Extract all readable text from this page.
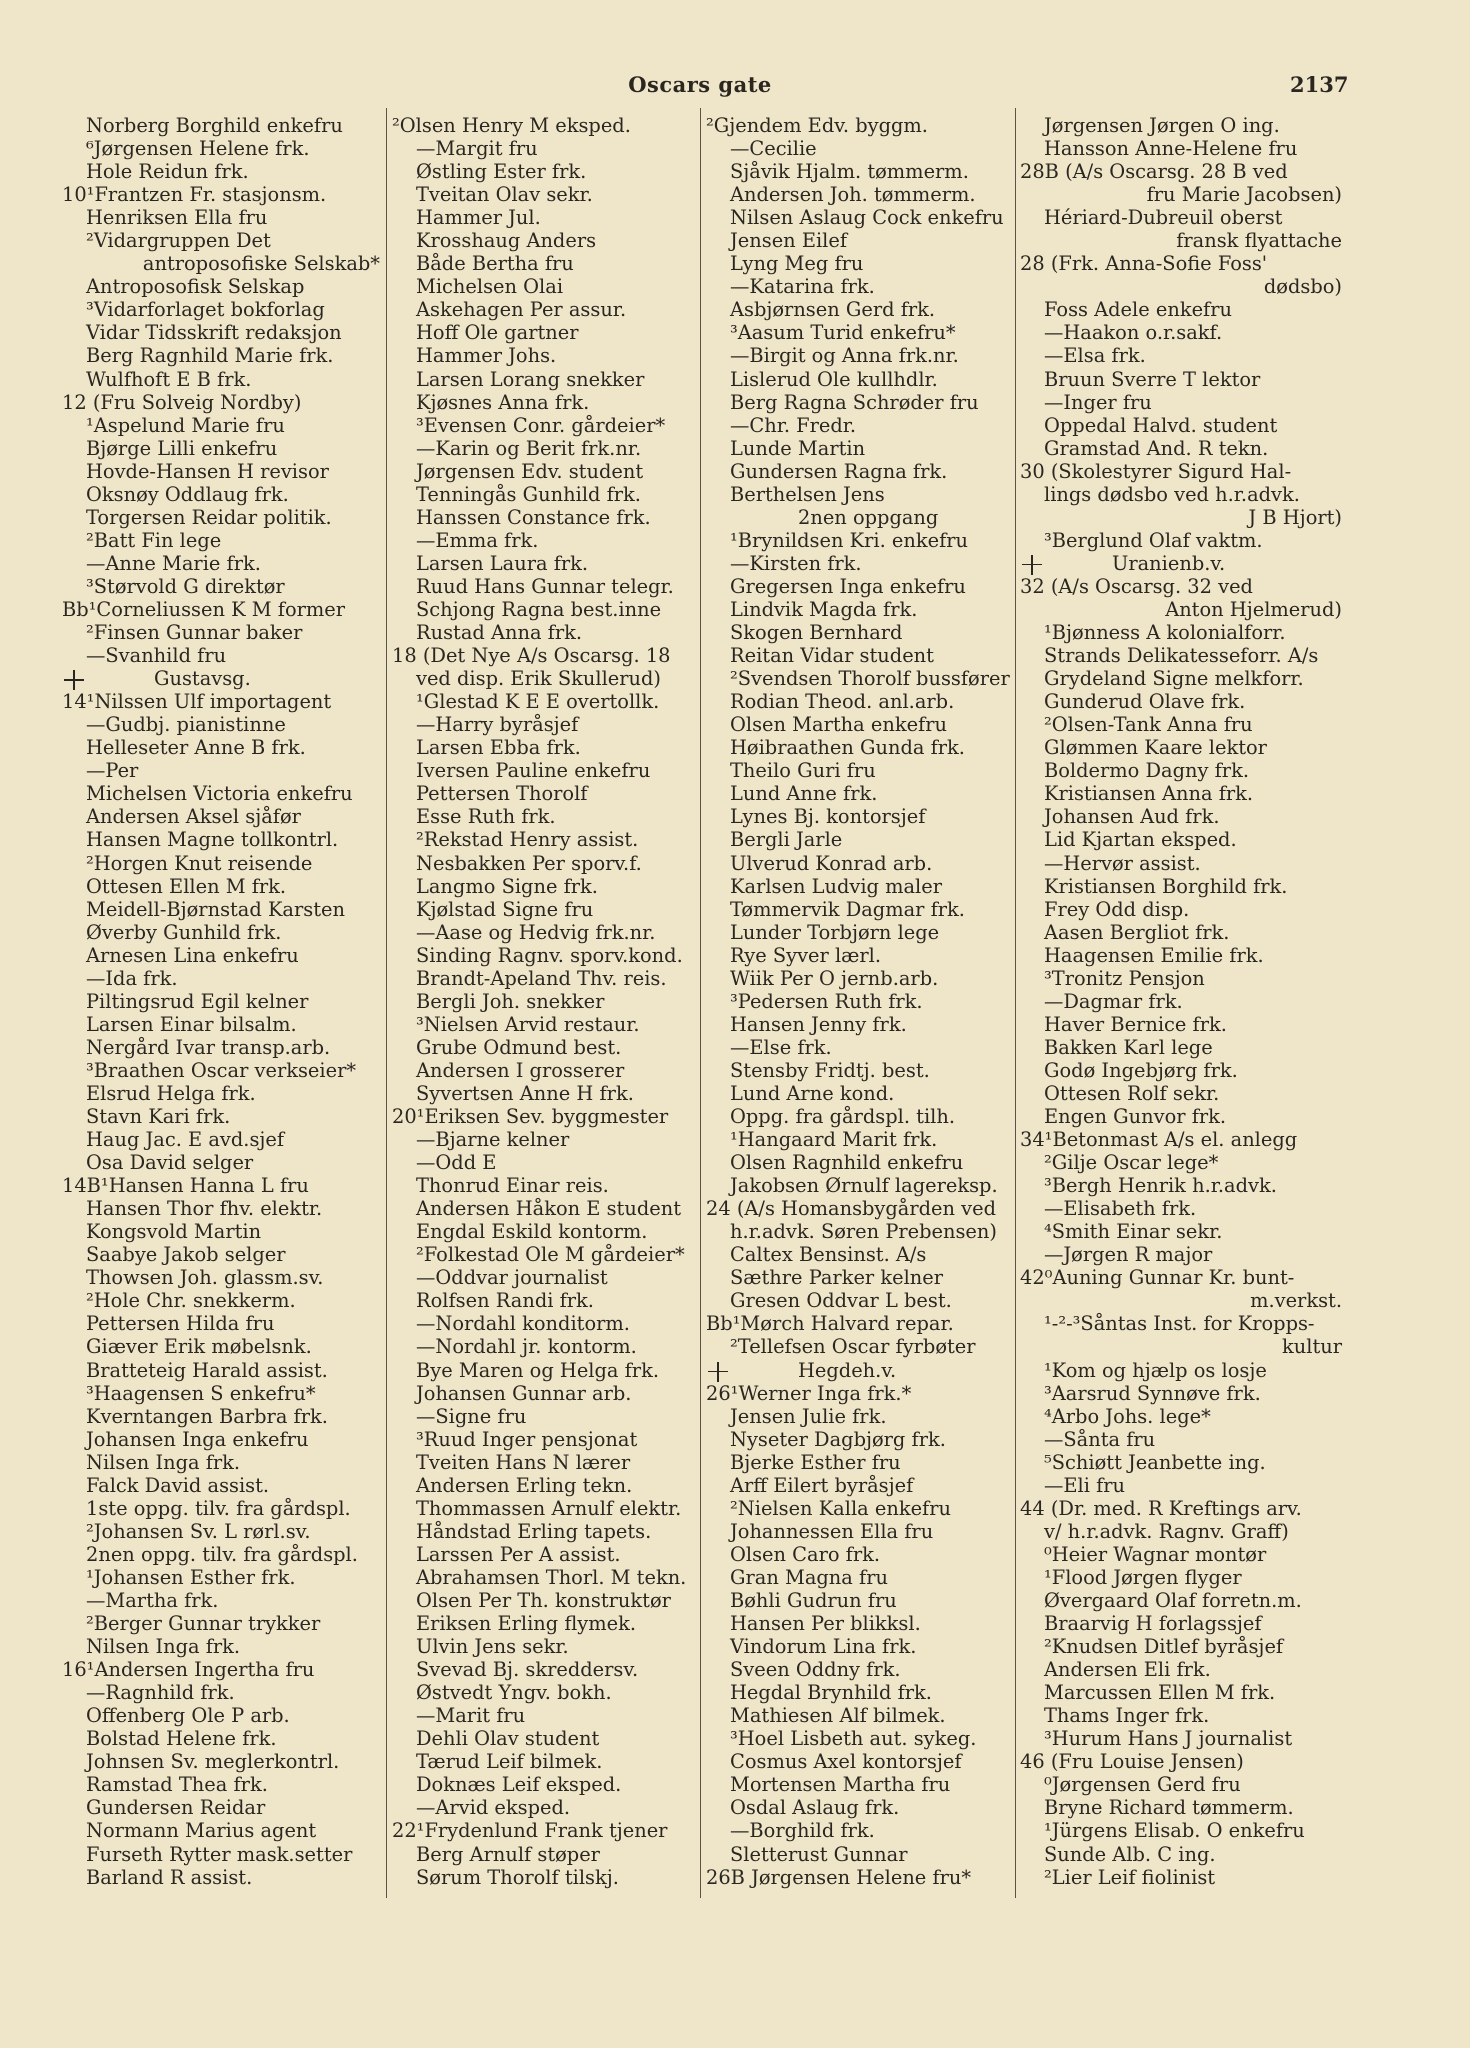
Oscars gate	2137
Norberg Borghild enkefru
⁶Jørgensen Helene frk.
Hole Reidun frk.
10¹Frantzen Fr. stasjonsm.
Henriksen Ella fru
²Vidargruppen Det
antroposofiske Selskab*
Antroposofisk Selskap
³Vidarforlaget bokforlag
Vidar Tidsskrift redaksjon
Berg Ragnhild Marie frk.
Wulfhoft E B frk.
12 (Fru Solveig Nordby)
¹Aspelund Marie fru
Bjørge Lilli enkefru
Hovde-Hansen H revisor
Oksnøy Oddlaug frk.
Torgersen Reidar politik.
²Batt Fin lege
—Anne Marie frk.
³Størvold G direktør
Bb¹Corneliussen K M former
²Finsen Gunnar baker
—Svanhild fru
Gustavsg.
14¹Nilssen Ulf importagent
—Gudbj. pianistinne
Helleseter Anne B frk.
—Per
Michelsen Victoria enkefru
Andersen Aksel sjåfør
Hansen Magne tollkontrl.
²Horgen Knut reisende
Ottesen Ellen M frk.
Meidell-Bjørnstad Karsten
Øverby Gunhild frk.
Arnesen Lina enkefru
—Ida frk.
Piltingsrud Egil kelner
Larsen Einar bilsalm.
Nergård Ivar transp.arb.
³Braathen Oscar verkseier*
Elsrud Helga frk.
Stavn Kari frk.
Haug Jac. E avd.sjef
Osa David selger
14B¹Hansen Hanna L fru
Hansen Thor fhv. elektr.
Kongsvold Martin
Saabye Jakob selger
Thowsen Joh. glassm.sv.
²Hole Chr. snekkerm.
Pettersen Hilda fru
Giæver Erik møbelsnk.
Bratteteig Harald assist.
³Haagensen S enkefru*
Kverntangen Barbra frk.
Johansen Inga enkefru
Nilsen Inga frk.
Falck David assist.
1ste oppg. tilv. fra gårdspl.
²Johansen Sv. L rørl.sv.
2nen oppg. tilv. fra gårdspl.
¹Johansen Esther frk.
—Martha frk.
²Berger Gunnar trykker
Nilsen Inga frk.
16¹Andersen Ingertha fru
—Ragnhild frk.
Offenberg Ole P arb.
Bolstad Helene frk.
Johnsen Sv. meglerkontrl.
Ramstad Thea frk.
Gundersen Reidar
Normann Marius agent
Furseth Rytter mask.setter
Barland R assist.
²Olsen Henry M eksped.
—Margit fru
Østling Ester frk.
Tveitan Olav sekr.
Hammer Jul.
Krosshaug Anders
Både Bertha fru
Michelsen Olai
Askehagen Per assur.
Hoff Ole gartner
Hammer Johs.
Larsen Lorang snekker
Kjøsnes Anna frk.
³Evensen Conr. gårdeier*
—Karin og Berit frk.nr.
Jørgensen Edv. student
Tenningås Gunhild frk.
Hanssen Constance frk.
—Emma frk.
Larsen Laura frk.
Ruud Hans Gunnar telegr.
Schjong Ragna best.inne
Rustad Anna frk.
18 (Det Nye A/s Oscarsg. 18
ved disp. Erik Skullerud)
¹Glestad K E E overtollk.
—Harry byråsjef
Larsen Ebba frk.
Iversen Pauline enkefru
Pettersen Thorolf
Esse Ruth frk.
²Rekstad Henry assist.
Nesbakken Per sporv.f.
Langmo Signe frk.
Kjølstad Signe fru
—Aase og Hedvig frk.nr.
Sinding Ragnv. sporv.kond.
Brandt-Apeland Thv. reis.
Bergli Joh. snekker
³Nielsen Arvid restaur.
Grube Odmund best.
Andersen I grosserer
Syvertsen Anne H frk.
20¹Eriksen Sev. byggmester
—Bjarne kelner
—Odd E
Thonrud Einar reis.
Andersen Håkon E student
Engdal Eskild kontorm.
²Folkestad Ole M gårdeier*
—Oddvar journalist
Rolfsen Randi frk.
—Nordahl konditorm.
—Nordahl jr. kontorm.
Bye Maren og Helga frk.
Johansen Gunnar arb.
—Signe fru
³Ruud Inger pensjonat
Tveiten Hans N lærer
Andersen Erling tekn.
Thommassen Arnulf elektr.
Håndstad Erling tapets.
Larssen Per A assist.
Abrahamsen Thorl. M tekn.
Olsen Per Th. konstruktør
Eriksen Erling flymek.
Ulvin Jens sekr.
Svevad Bj. skreddersv.
Østvedt Yngv. bokh.
—Marit fru
Dehli Olav student
Tærud Leif bilmek.
Doknæs Leif eksped.
—Arvid eksped.
22¹Frydenlund Frank tjener
Berg Arnulf støper
Sørum Thorolf tilskj.
²Gjendem Edv. byggm.
—Cecilie
Sjåvik Hjalm. tømmerm.
Andersen Joh. tømmerm.
Nilsen Aslaug Cock enkefru
Jensen Eilef
Lyng Meg fru
—Katarina frk.
Asbjørnsen Gerd frk.
³Aasum Turid enkefru*
—Birgit og Anna frk.nr.
Lislerud Ole kullhdlr.
Berg Ragna Schrøder fru
—Chr. Fredr.
Lunde Martin
Gundersen Ragna frk.
Berthelsen Jens
2nen oppgang
¹Brynildsen Kri. enkefru
—Kirsten frk.
Gregersen Inga enkefru
Lindvik Magda frk.
Skogen Bernhard
Reitan Vidar student
²Svendsen Thorolf bussfører
Rodian Theod. anl.arb.
Olsen Martha enkefru
Høibraathen Gunda frk.
Theilo Guri fru
Lund Anne frk.
Lynes Bj. kontorsjef
Bergli Jarle
Ulverud Konrad arb.
Karlsen Ludvig maler
Tømmervik Dagmar frk.
Lunder Torbjørn lege
Rye Syver lærl.
Wiik Per O jernb.arb.
³Pedersen Ruth frk.
Hansen Jenny frk.
—Else frk.
Stensby Fridtj. best.
Lund Arne kond.
Oppg. fra gårdspl. tilh.
¹Hangaard Marit frk.
Olsen Ragnhild enkefru
Jakobsen Ørnulf lagereksp.
24 (A/s Homansbygården ved
h.r.advk. Søren Prebensen)
Caltex Bensinst. A/s
Sæthre Parker kelner
Gresen Oddvar L best.
Bb¹Mørch Halvard repar.
²Tellefsen Oscar fyrbøter
Hegdeh.v.
26¹Werner Inga frk.*
Jensen Julie frk.
Nyseter Dagbjørg frk.
Bjerke Esther fru
Arff Eilert byråsjef
²Nielsen Kalla enkefru
Johannessen Ella fru
Olsen Caro frk.
Gran Magna fru
Bøhli Gudrun fru
Hansen Per blikksl.
Vindorum Lina frk.
Sveen Oddny frk.
Hegdal Brynhild frk.
Mathiesen Alf bilmek.
³Hoel Lisbeth aut. sykeg.
Cosmus Axel kontorsjef
Mortensen Martha fru
Osdal Aslaug frk.
—Borghild frk.
Sletterust Gunnar
26B Jørgensen Helene fru*
Jørgensen Jørgen O ing.
Hansson Anne-Helene fru
28B (A/s Oscarsg. 28 B ved
fru Marie Jacobsen)
Hériard-Dubreuil oberst
fransk flyattache
28 (Frk. Anna-Sofie Foss'
dødsbo)
Foss Adele enkefru
—Haakon o.r.sakf.
—Elsa frk.
Bruun Sverre T lektor
—Inger fru
Oppedal Halvd. student
Gramstad And. R tekn.
30 (Skolestyrer Sigurd Hal-
lings dødsbo ved h.r.advk.
J B Hjort)
³Berglund Olaf vaktm.
Uranienb.v.
32 (A/s Oscarsg. 32 ved
Anton Hjelmerud)
¹Bjønness A kolonialforr.
Strands Delikatesseforr. A/s
Grydeland Signe melkforr.
Gunderud Olave frk.
²Olsen-Tank Anna fru
Glømmen Kaare lektor
Boldermo Dagny frk.
Kristiansen Anna frk.
Johansen Aud frk.
Lid Kjartan eksped.
—Hervør assist.
Kristiansen Borghild frk.
Frey Odd disp.
Aasen Bergliot frk.
Haagensen Emilie frk.
³Tronitz Pensjon
—Dagmar frk.
Haver Bernice frk.
Bakken Karl lege
Godø Ingebjørg frk.
Ottesen Rolf sekr.
Engen Gunvor frk.
34¹Betonmast A/s el. anlegg
²Gilje Oscar lege*
³Bergh Henrik h.r.advk.
—Elisabeth frk.
⁴Smith Einar sekr.
—Jørgen R major
42⁰Auning Gunnar Kr. bunt-
m.verkst.
¹-²-³Såntas Inst. for Kropps-
kultur
¹Kom og hjælp os losje
³Aarsrud Synnøve frk.
⁴Arbo Johs. lege*
—Sånta fru
⁵Schiøtt Jeanbette ing.
—Eli fru
44 (Dr. med. R Kreftings arv.
v/ h.r.advk. Ragnv. Graff)
⁰Heier Wagnar montør
¹Flood Jørgen flyger
Øvergaard Olaf forretn.m.
Braarvig H forlagssjef
²Knudsen Ditlef byråsjef
Andersen Eli frk.
Marcussen Ellen M frk.
Thams Inger frk.
³Hurum Hans J journalist
46 (Fru Louise Jensen)
⁰Jørgensen Gerd fru
Bryne Richard tømmerm.
¹Jürgens Elisab. O enkefru
Sunde Alb. C ing.
²Lier Leif fiolinist
